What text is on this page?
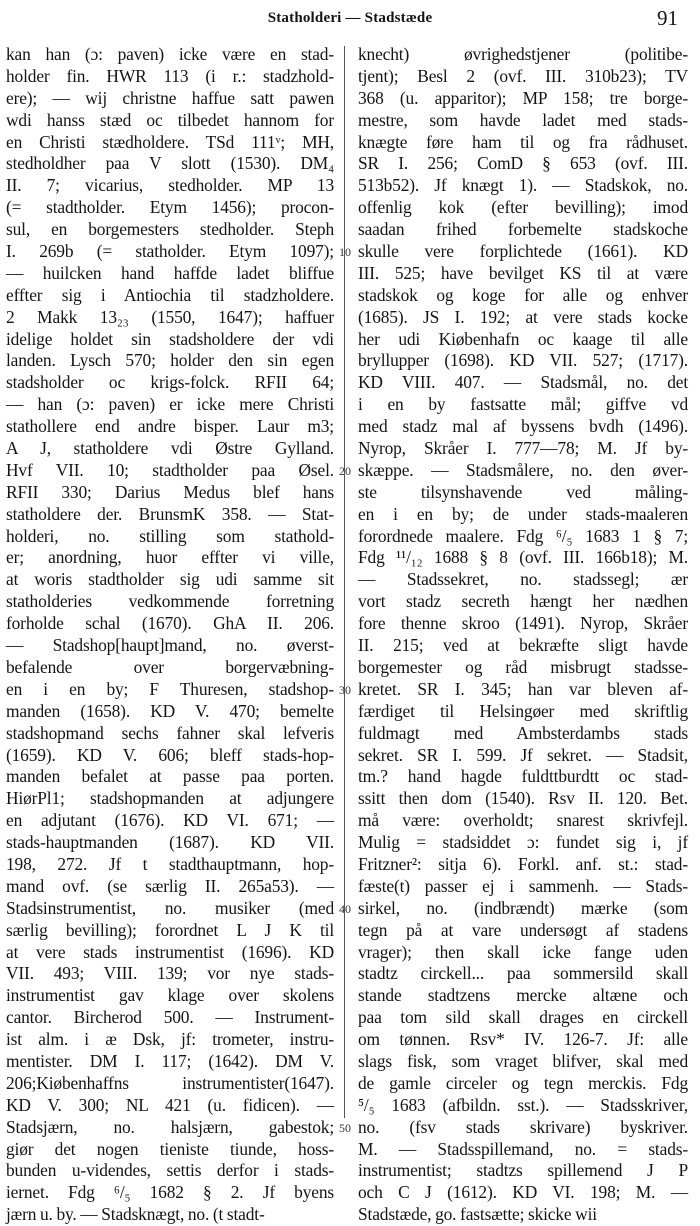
Statholderi — Stadstæde	91
kan han (ɔ: paven) icke være en stad-
holder fin. HWR 113 (i r.: stadzhold-
ere); — wij christne haffue satt pawen
wdi hanss stæd oc tilbedet hannom for
en Christi stædholdere. TSd 111ᵛ; MH,
stedholdher paa V slott (1530). DM₄
II. 7; vicarius, stedholder. MP 13
(= stadtholder. Etym 1456); procon-
sul, en borgemesters stedholder. Steph
I. 269b (= statholder. Etym 1097);
— huilcken hand haffde ladet bliffue
effter sig i Antiochia til stadzholdere.
2 Makk 13₂₃ (1550, 1647); haffuer
idelige holdet sin stadsholdere der vdi
landen. Lysch 570; holder den sin egen
stadsholder oc krigs-folck. RFII 64;
— han (ɔ: paven) er icke mere Christi
stathollere end andre bisper. Laur m3;
A J, statholdere vdi Østre Gylland.
Hvf VII. 10; stadtholder paa Øsel.
RFII 330; Darius Medus blef hans
statholdere der. BrunsmK 358. — Stat-
holderi, no. stilling som stathold-
er; anordning, huor effter vi ville,
at woris stadtholder sig udi samme sit
statholderies vedkommende forretning
forholde schal (1670). GhA II. 206.
— Stadshop[haupt]mand, no. øverst-
befalende over borgervæbning-
en i en by; F Thuresen, stadshop-
manden (1658). KD V. 470; bemelte
stadshopmand sechs fahner skal lefveris
(1659). KD V. 606; bleff stads-hop-
manden befalet at passe paa porten.
HiørPl1; stadshopmanden at adjungere
en adjutant (1676). KD VI. 671; —
stads-hauptmanden (1687). KD VII.
198, 272. Jf t stadthauptmann, hop-
mand ovf. (se særlig II. 265a53). —
Stadsinstrumentist, no. musiker (med
særlig bevilling); forordnet L J K til
at vere stads instrumentist (1696). KD
VII. 493; VIII. 139; vor nye stads-
instrumentist gav klage over skolens
cantor. Bircherod 500. — Instrument-
ist alm. i æ Dsk, jf: trometer, instru-
mentister. DM I. 117; (1642). DM V.
206;Kiøbenhaffns instrumentister(1647).
KD V. 300; NL 421 (u. fidicen). —
Stadsjærn, no. halsjærn, gabestok;
giør det nogen tieniste tiunde, hoss-
bunden u-videndes, settis derfor i stads-
iernet. Fdg ⁶/₅ 1682 § 2. Jf byens
jærn u. by. — Stadsknægt, no. (t stadt-
10
20
30
40
50
knecht) øvrighedstjener (politibe-
tjent); Besl 2 (ovf. III. 310b23); TV
368 (u. apparitor); MP 158; tre borge-
mestre, som havde ladet med stads-
knægte føre ham til og fra rådhuset.
SR I. 256; ComD § 653 (ovf. III.
513b52). Jf knægt 1). — Stadskok, no.
offenlig kok (efter bevilling); imod
saadan frihed forbemelte stadskoche
skulle vere forplichtede (1661). KD
III. 525; have bevilget KS til at være
stadskok og koge for alle og enhver
(1685). JS I. 192; at vere stads kocke
her udi Kiøbenhafn oc kaage til alle
bryllupper (1698). KD VII. 527; (1717).
KD VIII. 407. — Stadsmål, no. det
i en by fastsatte mål; giffve vd
med stadz mal af byssens bvdh (1496).
Nyrop, Skråer I. 777—78; M. Jf by-
skæppe. — Stadsmålere, no. den øver-
ste tilsynshavende ved måling-
en i en by; de under stads-maaleren
forordnede maalere. Fdg ⁶/₅ 1683 1 § 7;
Fdg ¹¹/₁₂ 1688 § 8 (ovf. III. 166b18); M.
— Stadssekret, no. stadssegl; ær
vort stadz secreth hængt her nædhen
fore thenne skroo (1491). Nyrop, Skråer
II. 215; ved at bekræfte sligt havde
borgemester og råd misbrugt stadsse-
kretet. SR I. 345; han var bleven af-
færdiget til Helsingøer med skriftlig
fuldmagt med Ambsterdambs stads
sekret. SR I. 599. Jf sekret. — Stadsit,
tm.? hand hagde fuldttburdtt oc stad-
ssitt then dom (1540). Rsv II. 120. Bet.
må være: overholdt; snarest skrivfejl.
Mulig = stadsiddet ɔ: fundet sig i, jf
Fritzner²: sitja 6). Forkl. anf. st.: stad-
fæste(t) passer ej i sammenh. — Stads-
sirkel, no. (indbrændt) mærke (som
tegn på at vare undersøgt af stadens
vrager); then skall icke fange uden
stadtz circkell... paa sommersild skall
stande stadtzens mercke altæne och
paa tom sild skall drages en circkell
om tønnen. Rsv* IV. 126-7. Jf: alle
slags fisk, som vraget blifver, skal med
de gamle circeler og tegn merckis. Fdg
⁵/₅ 1683 (afbildn. sst.). — Stadsskriver,
no. (fsv stads skrivare) byskriver.
M. — Stadsspillemand, no. = stads-
instrumentist; stadtzs spillemend J P
och C J (1612). KD VI. 198; M. —
Stadstæde, go. fastsætte; skicke wii
